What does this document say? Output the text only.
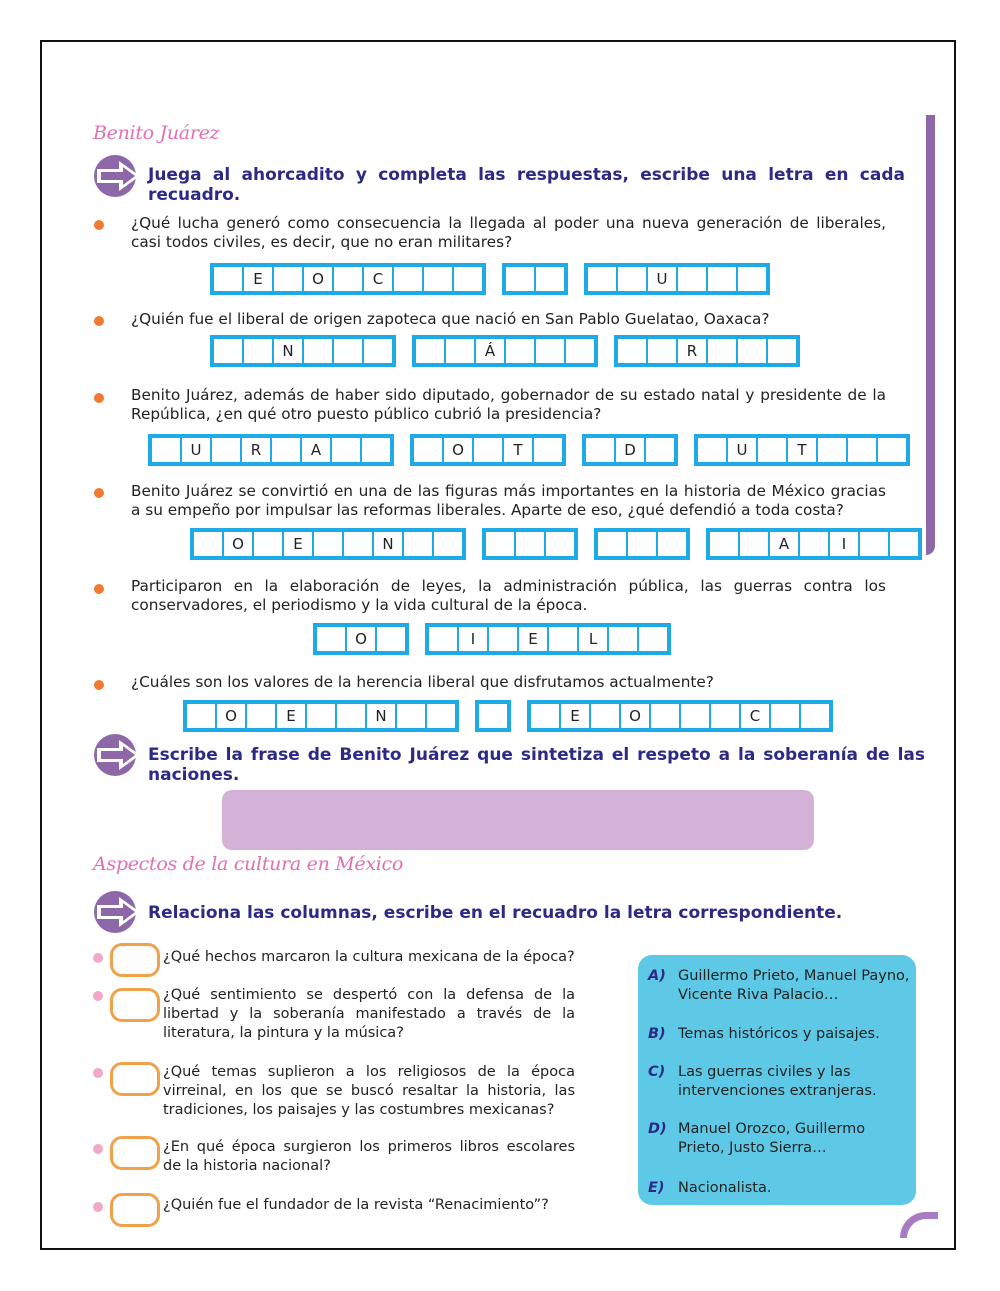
Benito Juárez
Juega al ahorcadito y completa las respuestas, escribe una letra en cada recuadro.
¿Qué lucha generó como consecuencia la llegada al poder una nueva generación de liberales, casi todos civiles, es decir, que no eran militares?
E	O	C	U
¿Quién fue el liberal de origen zapoteca que nació en San Pablo Guelatao, Oaxaca?
N	Á	R
Benito Juárez, además de haber sido diputado, gobernador de su estado natal y presidente de la República, ¿en qué otro puesto público cubrió la presidencia?
U	R	A	O	T	D	U	T
Benito Juárez se convirtió en una de las figuras más importantes en la historia de México gracias a su empeño por impulsar las reformas liberales. Aparte de eso, ¿qué defendió a toda costa?
O	E	N	A	I
Participaron en la elaboración de leyes, la administración pública, las guerras contra los conservadores, el periodismo y la vida cultural de la época.
O	I	E	L
¿Cuáles son los valores de la herencia liberal que disfrutamos actualmente?
O	E	N	E	O	C
Escribe la frase de Benito Juárez que sintetiza el respeto a la soberanía de las naciones.
Aspectos de la cultura en México
Relaciona las columnas, escribe en el recuadro la letra correspondiente.
¿Qué hechos marcaron la cultura mexicana de la época?
¿Qué sentimiento se despertó con la defensa de la libertad y la soberanía manifestado a través de la literatura, la pintura y la música?
¿Qué temas suplieron a los religiosos de la época virreinal, en los que se buscó resaltar la historia, las tradiciones, los paisajes y las costumbres mexicanas?
¿En qué época surgieron los primeros libros escolares de la historia nacional?
¿Quién fue el fundador de la revista “Renacimiento”?
A) Guillermo Prieto, Manuel Payno, Vicente Riva Palacio…
B) Temas históricos y paisajes.
C) Las guerras civiles y las intervenciones extranjeras.
D) Manuel Orozco, Guillermo Prieto, Justo Sierra…
E) Nacionalista.
